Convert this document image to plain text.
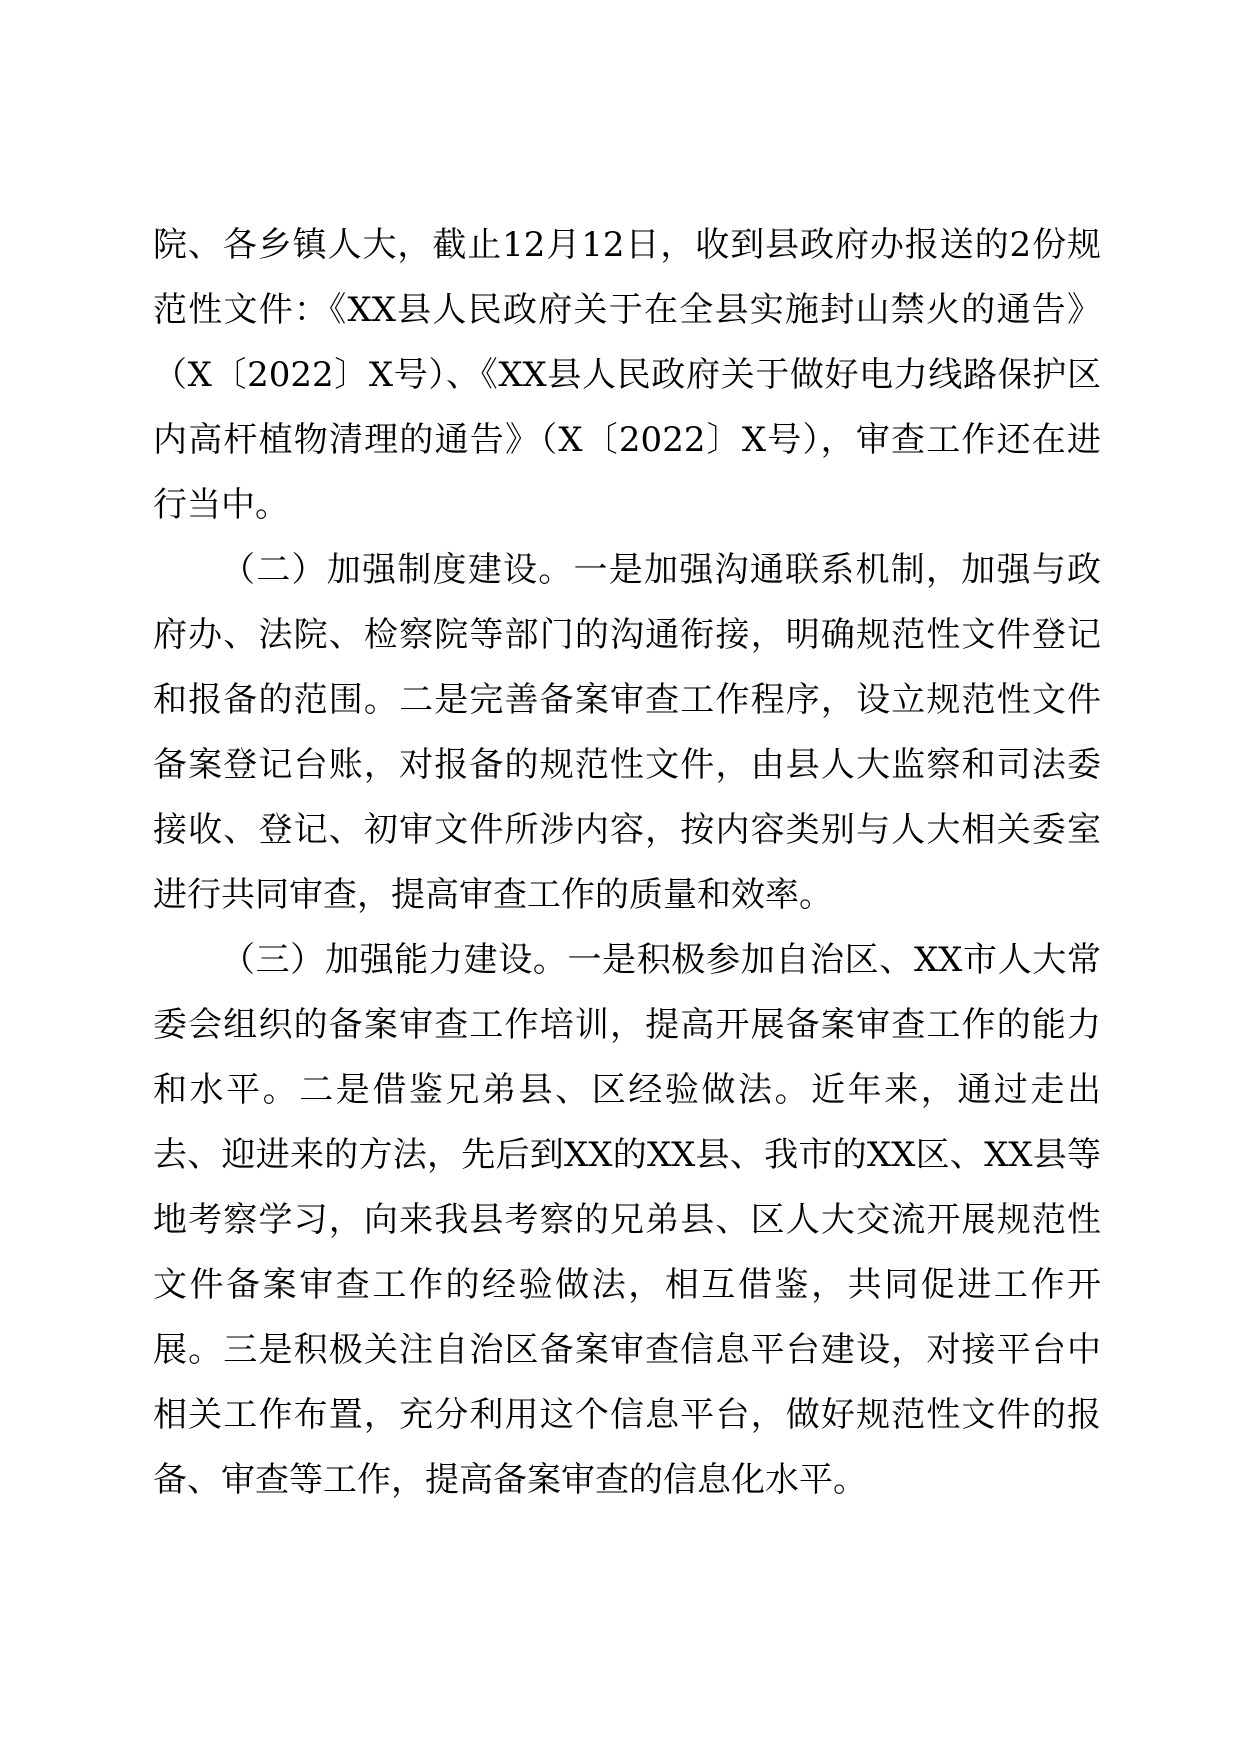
院、各乡镇人大，截止12月12日，收到县政府办报送的2份规范性文件：《XX县人民政府关于在全县实施封山禁火的通告》（X〔2022〕X号）、《XX县人民政府关于做好电力线路保护区内高杆植物清理的通告》（X〔2022〕X号），审查工作还在进行当中。

（二）加强制度建设。一是加强沟通联系机制，加强与政府办、法院、检察院等部门的沟通衔接，明确规范性文件登记和报备的范围。二是完善备案审查工作程序，设立规范性文件备案登记台账，对报备的规范性文件，由县人大监察和司法委接收、登记、初审文件所涉内容，按内容类别与人大相关委室进行共同审查，提高审查工作的质量和效率。

（三）加强能力建设。一是积极参加自治区、XX市人大常委会组织的备案审查工作培训，提高开展备案审查工作的能力和水平。二是借鉴兄弟县、区经验做法。近年来，通过走出去、迎进来的方法，先后到XX的XX县、我市的XX区、XX县等地考察学习，向来我县考察的兄弟县、区人大交流开展规范性文件备案审查工作的经验做法，相互借鉴，共同促进工作开展。三是积极关注自治区备案审查信息平台建设，对接平台中相关工作布置，充分利用这个信息平台，做好规范性文件的报备、审查等工作，提高备案审查的信息化水平。
